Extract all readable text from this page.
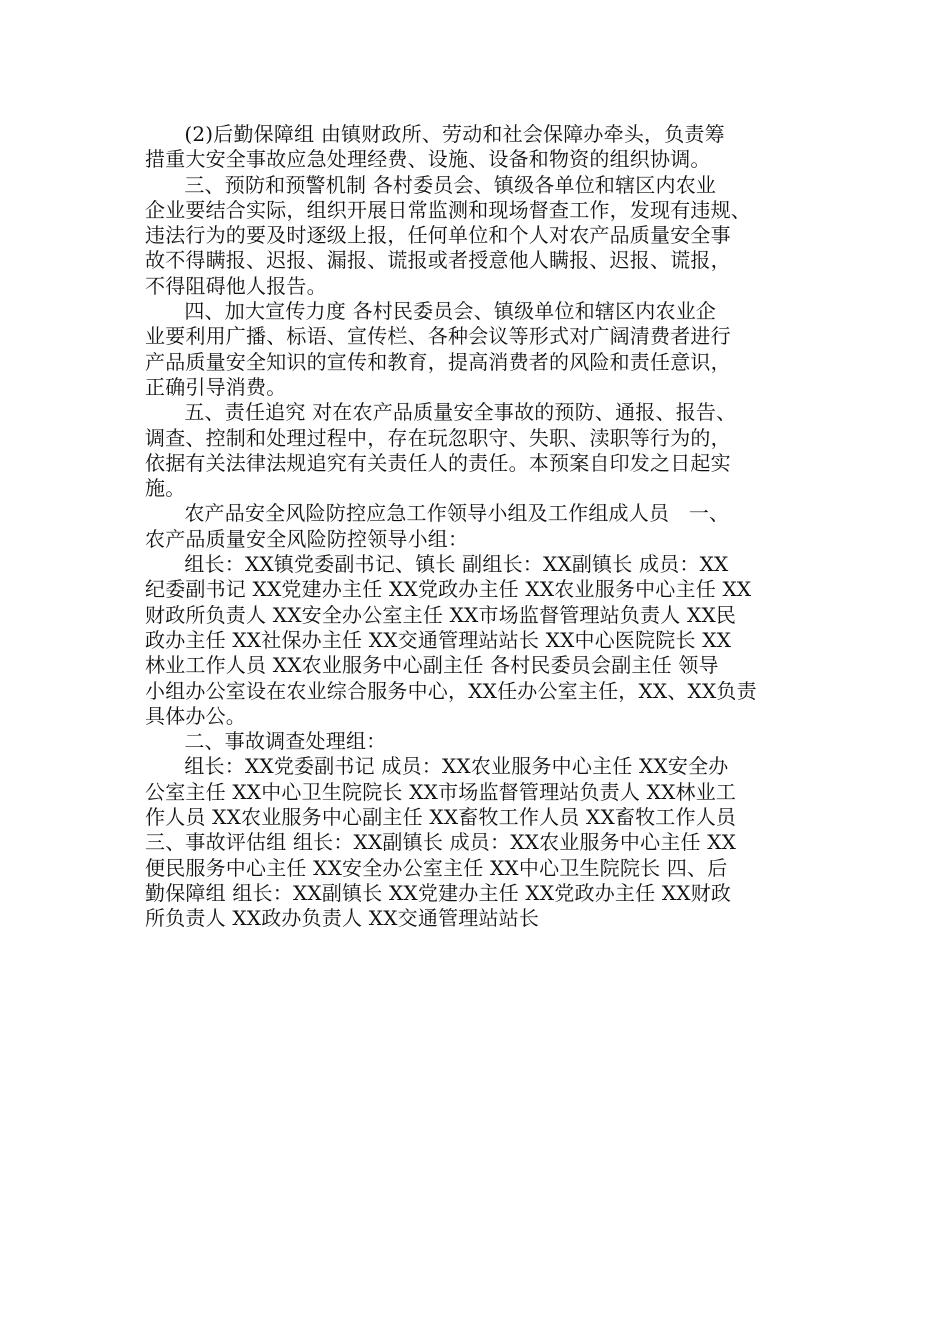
(2)后勤保障组 由镇财政所、劳动和社会保障办牵头，负责筹
措重大安全事故应急处理经费、设施、设备和物资的组织协调。
三、预防和预警机制 各村委员会、镇级各单位和辖区内农业
企业要结合实际，组织开展日常监测和现场督查工作，发现有违规、
违法行为的要及时逐级上报，任何单位和个人对农产品质量安全事
故不得瞒报、迟报、漏报、谎报或者授意他人瞒报、迟报、谎报，
不得阻碍他人报告。
四、加大宣传力度 各村民委员会、镇级单位和辖区内农业企
业要利用广播、标语、宣传栏、各种会议等形式对广阔清费者进行
产品质量安全知识的宣传和教育，提高消费者的风险和责任意识，
正确引导消费。
五、责任追究 对在农产品质量安全事故的预防、通报、报告、
调查、控制和处理过程中，存在玩忽职守、失职、渎职等行为的，
依据有关法律法规追究有关责任人的责任。本预案自印发之日起实
施。
农产品安全风险防控应急工作领导小组及工作组成人员   一、
农产品质量安全风险防控领导小组：
组长：XX镇党委副书记、镇长 副组长：XX副镇长 成员：XX
纪委副书记 XX党建办主任 XX党政办主任 XX农业服务中心主任 XX
财政所负责人 XX安全办公室主任 XX市场监督管理站负责人 XX民
政办主任 XX社保办主任 XX交通管理站站长 XX中心医院院长 XX
林业工作人员 XX农业服务中心副主任 各村民委员会副主任 领导
小组办公室设在农业综合服务中心，XX任办公室主任，XX、XX负责
具体办公。
二、事故调查处理组：
组长：XX党委副书记 成员：XX农业服务中心主任 XX安全办
公室主任 XX中心卫生院院长 XX市场监督管理站负责人 XX林业工
作人员 XX农业服务中心副主任 XX畜牧工作人员 XX畜牧工作人员
三、事故评估组 组长：XX副镇长 成员：XX农业服务中心主任 XX
便民服务中心主任 XX安全办公室主任 XX中心卫生院院长 四、后
勤保障组 组长：XX副镇长 XX党建办主任 XX党政办主任 XX财政
所负责人 XX政办负责人 XX交通管理站站长
